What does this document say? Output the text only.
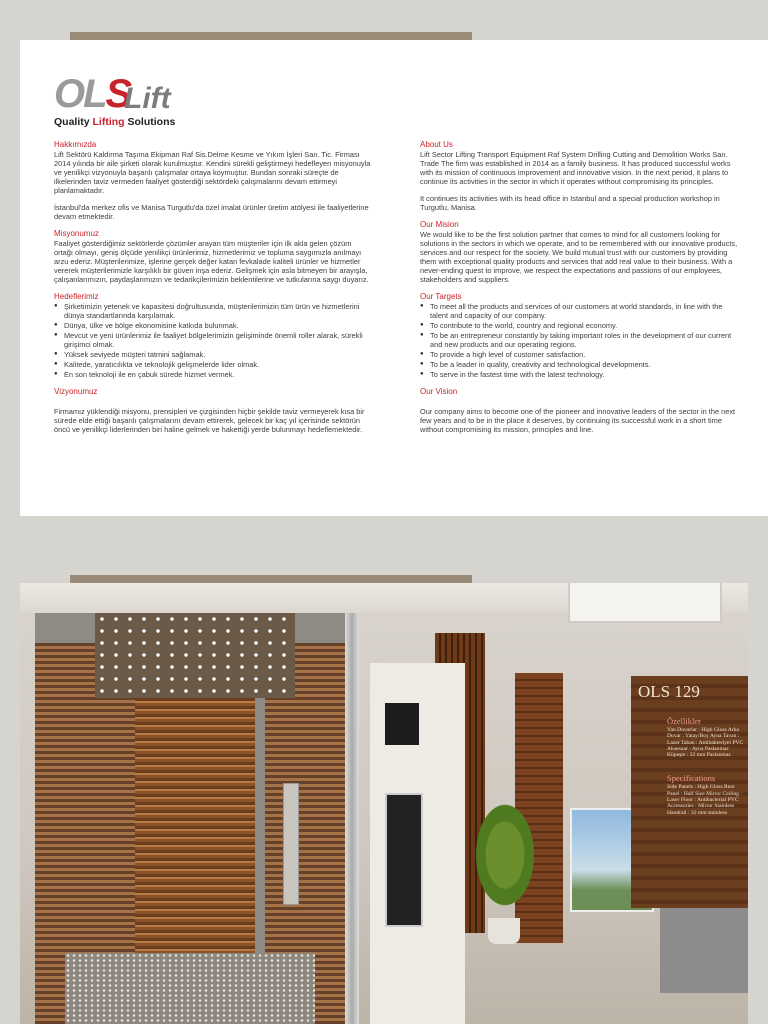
OLS
Lift
Quality Lifting Solutions
Hakkımızda
Lift Sektörü Kaldırma Taşıma Ekipman Raf Sis.Delme Kesme ve Yıkım İşleri San. Tic. Firması 2014 yılında bir aile şirketi olarak kurulmuştur. Kendini sürekli geliştirmeyi hedefleyen misyonuyla ve yenilikçi vizyonuyla başarılı çalışmalar ortaya koymuştur. Bundan sonraki süreçte de ilkelerinden taviz vermeden faaliyet gösterdiği sektördeki çalışmalarını devam ettirmeyi planlamaktadır.
İstanbul'da merkez ofis ve Manisa Turgutlu'da özel imalat ürünler üretim atölyesi ile faaliyetlerine devam etmektedir.
Misyonumuz
Faaliyet gösterdiğimiz sektörlerde çözümler arayan tüm müşteriler için ilk akla gelen çözüm ortağı olmayı, geniş ölçüde yenilikçi ürünlerimiz, hizmetlerimiz ve topluma saygımızla anılmayı arzu ederiz. Müşterilerimize, işlerine gerçek değer katan fevkalade kaliteli ürünler ve hizmetler vererek müşterilerimizle karşılıklı bir güven inşa ederiz. Gelişmek için asla bitmeyen bir arayışla, çalışanlarımızın, paydaşlarımızın ve tedarikçilerimizin beklentilerine ve tutkularına saygı duyarız.
Hedeflerimiz
● Şirketimizin yetenek ve kapasitesi doğrultusunda, müşterilerimizin tüm ürün ve hizmetlerini dünya standartlarında karşılamak.
● Dünya, ülke ve bölge ekonomisine katkıda bulunmak.
● Mevcut ve yeni ürünlerimiz ile faaliyet bölgelerimizin gelişiminde önemli roller alarak, sürekli girişimci olmak.
● Yüksek seviyede müşteri tatmini sağlamak.
● Kalitede, yaratıcılıkta ve teknolojik gelişmelerde lider olmak.
● En son teknoloji ile en çabuk sürede hizmet vermek.
Vizyonumuz
Firmamız yüklendiği misyonu, prensipleri ve çizgisinden hiçbir şekilde taviz vermeyerek kısa bir sürede elde ettiği başarılı çalışmalarını devam ettirerek, gelecek bir kaç yıl içerisinde sektörün öncü ve yenilikçi liderlerinden biri haline gelmek ve hakettiği yerde bulunmayı hedeflemektedir.
About Us
Lift Sector Lifting Transport Equipment Raf System Drilling Cutting and Demolition Works San. Trade The firm was established in 2014 as a family business. It has produced successful works with its mission of continuous improvement and innovative vision. In the next period, it plans to continue its activities in the sector in which it operates without compromising its principles.
It continues its activities with its head office in Istanbul and a special production workshop in Turgutlu, Manisa.
Our Mision
We would like to be the first solution partner that comes to mind for all customers looking for solutions in the sectors in which we operate, and to be remembered with our innovative products, services and our respect for the society. We build mutual trust with our customers by providing them with exceptional quality products and services that add real value to their business. With a never-ending quest to improve, we respect the expectations and passions of our employees, stakeholders and suppliers.
Our Targets
● To meet all the products and services of our customers at world standards, in line with the talent and capacity of our company.
● To contribute to the world, country and regional economy.
● To be an entrepreneur constantly by taking important roles in the development of our current and new products and our operating regions.
● To provide a high level of customer satisfaction.
● To be a leader in quality, creativity and technological developments.
● To serve in the fastest time with the latest technology.
Our Vision
Our company aims to become one of the pioneer and innovative leaders of the sector in the next few years and to be in the place it deserves, by continuing its successful work in a short time without compromising its mission, principles and line.
OLS 129
Özellikler
Yan Duvarlar : High Gloss Arka Duvar : Yatay/Boy Ayna Tavan : Lazer Taban : Antibakteriyel PVC Aksesuar : Ayna Paslanmaz Küpeşte : 32 mm Paslanmaz
Specifications
Side Panels : High Gloss Rear Panel : Half Size Mirror Ceiling : Laser Floor : Antibacterial PVC Accessories : Mirror Stainless Handrail : 32 mm stainless
